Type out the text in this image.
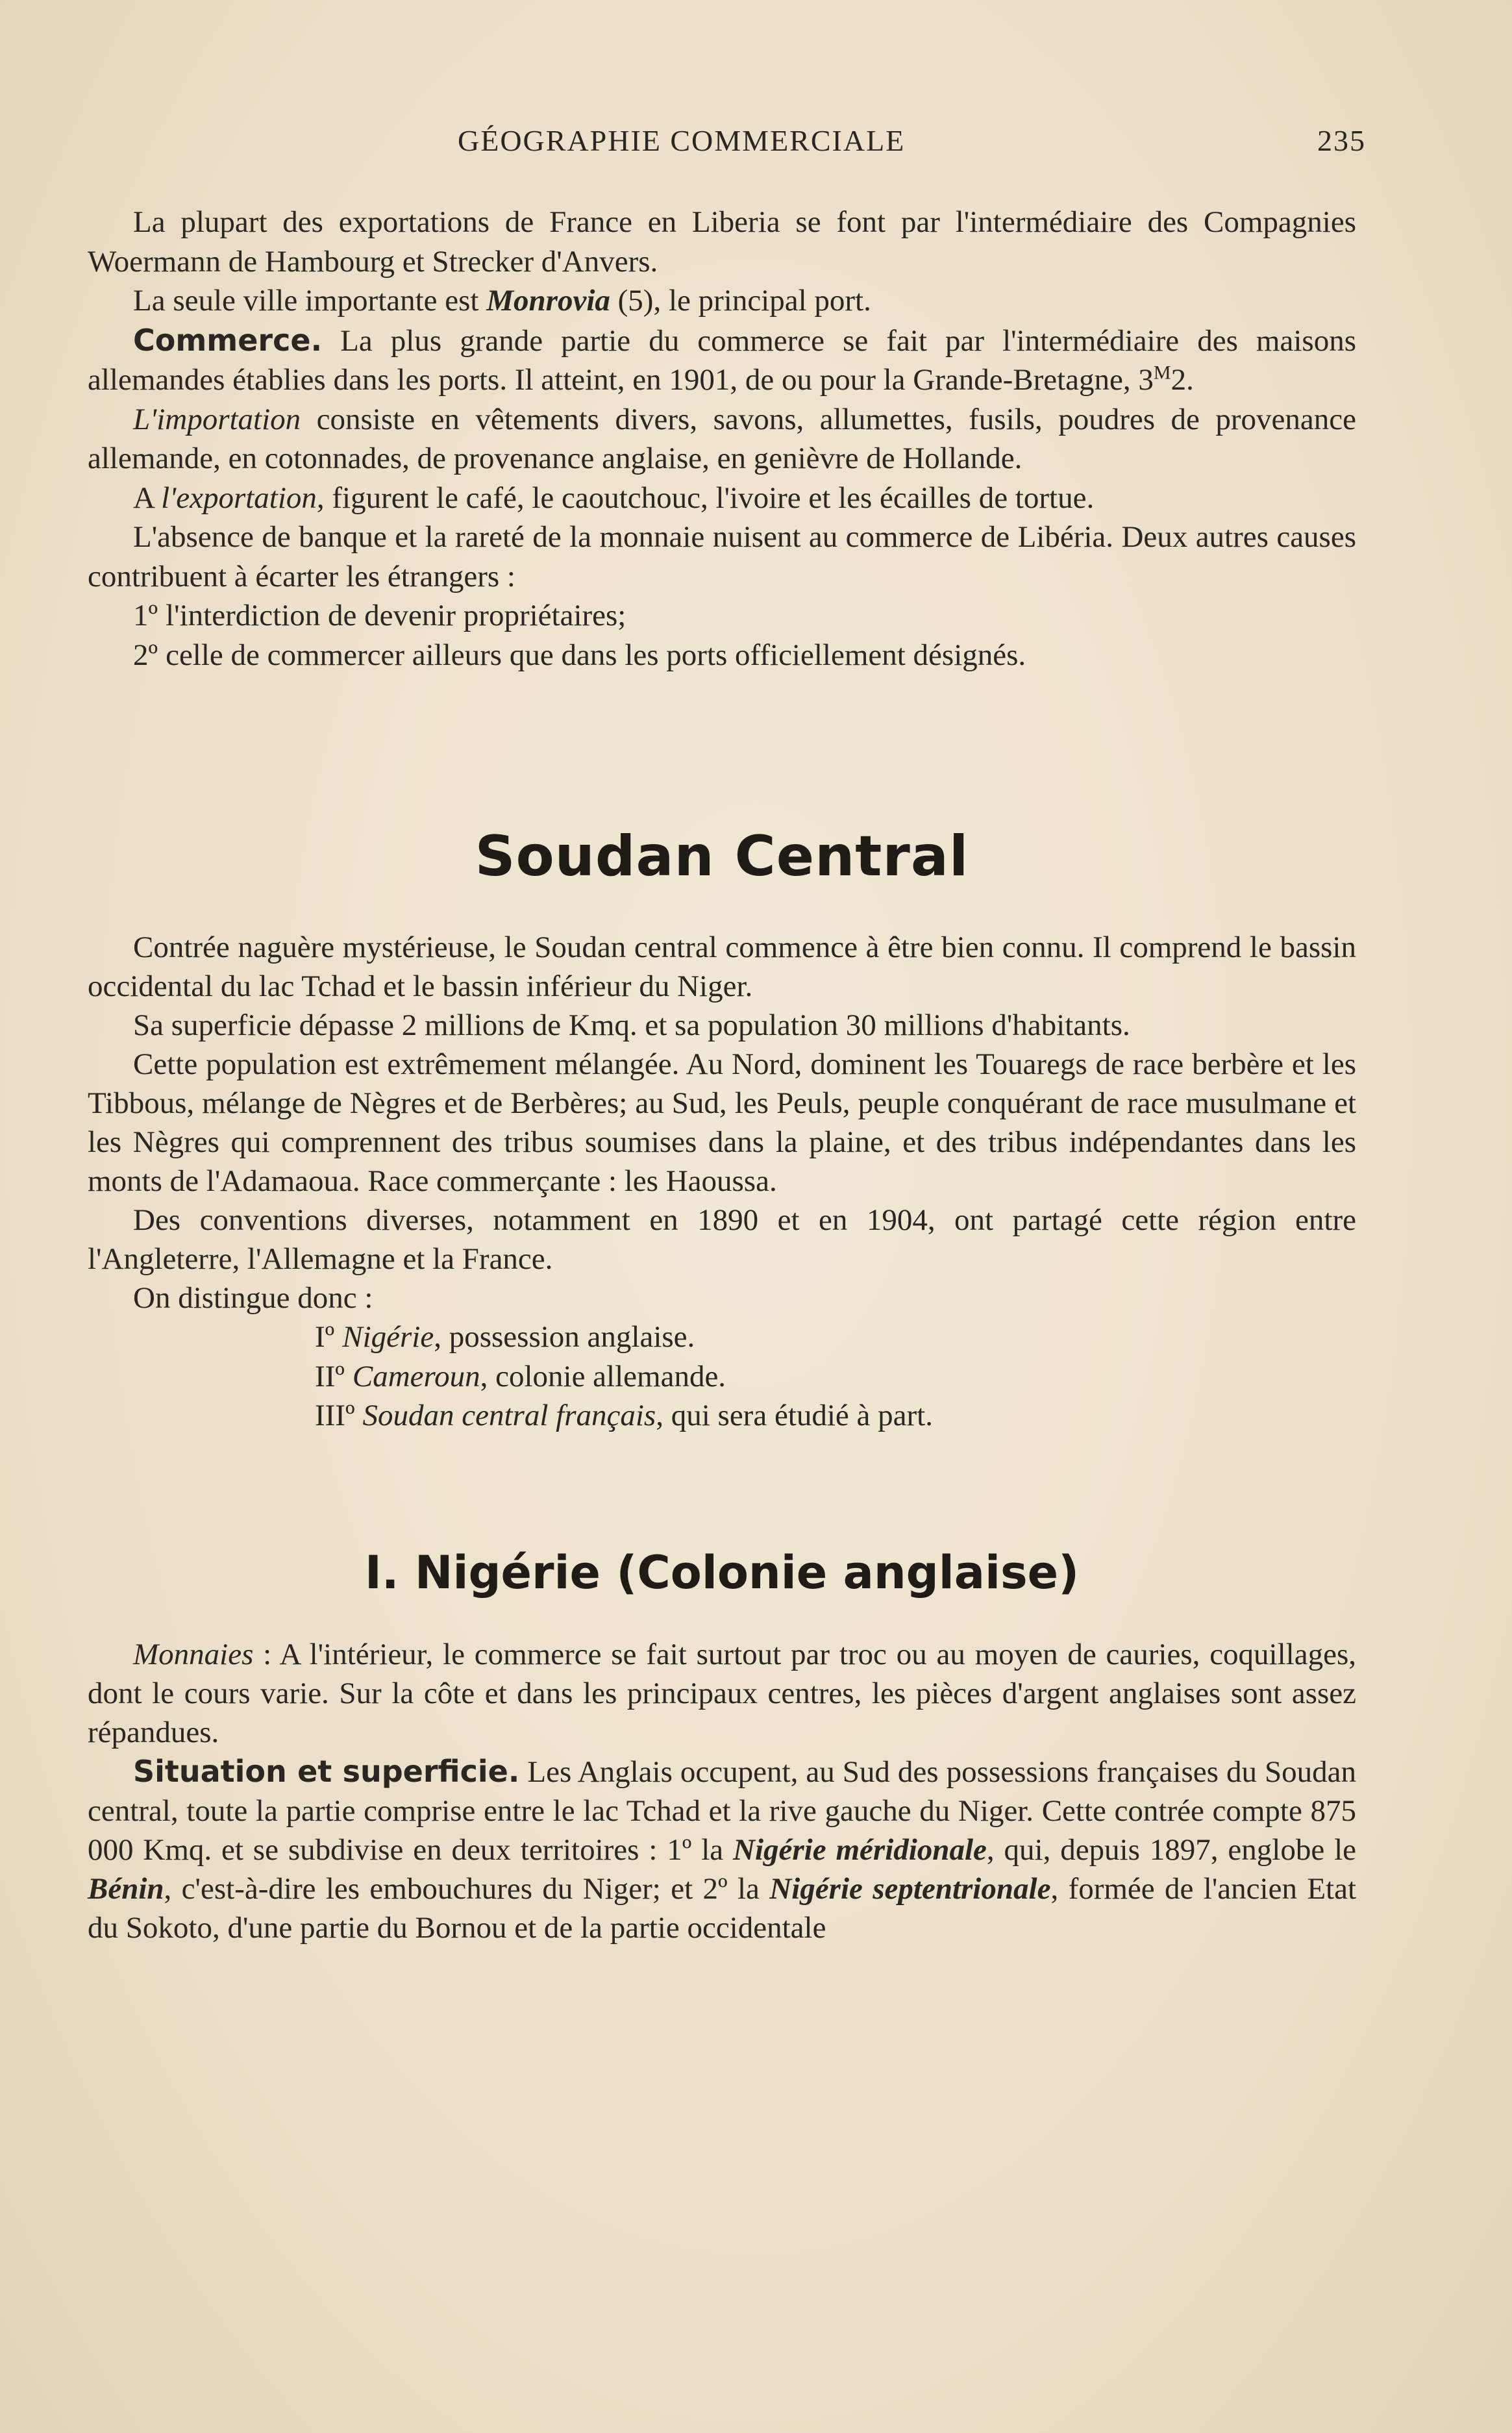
GÉOGRAPHIE COMMERCIALE	235

La plupart des exportations de France en Liberia se font par l'intermédiaire des Compagnies Woermann de Hambourg et Strecker d'Anvers.

La seule ville importante est Monrovia (5), le principal port.

Commerce. La plus grande partie du commerce se fait par l'intermédiaire des maisons allemandes établies dans les ports. Il atteint, en 1901, de ou pour la Grande-Bretagne, $3^M2$.

L'importation consiste en vêtements divers, savons, allumettes, fusils, poudres de provenance allemande, en cotonnades, de provenance anglaise, en genièvre de Hollande.

A l'exportation, figurent le café, le caoutchouc, l'ivoire et les écailles de tortue.

L'absence de banque et la rareté de la monnaie nuisent au commerce de Libéria. Deux autres causes contribuent à écarter les étrangers :

1º l'interdiction de devenir propriétaires;
2º celle de commercer ailleurs que dans les ports officiellement désignés.
Soudan Central

Contrée naguère mystérieuse, le Soudan central commence à être bien connu. Il comprend le bassin occidental du lac Tchad et le bassin inférieur du Niger.

Sa superficie dépasse 2 millions de Kmq. et sa population 30 millions d'habitants.

Cette population est extrêmement mélangée. Au Nord, dominent les Touaregs de race berbère et les Tibbous, mélange de Nègres et de Berbères; au Sud, les Peuls, peuple conquérant de race musulmane et les Nègres qui comprennent des tribus soumises dans la plaine, et des tribus indépendantes dans les monts de l'Adamaoua. Race commerçante : les Haoussa.

Des conventions diverses, notamment en 1890 et en 1904, ont partagé cette région entre l'Angleterre, l'Allemagne et la France.

On distingue donc :

Iº Nigérie, possession anglaise.
IIº Cameroun, colonie allemande.
IIIº Soudan central français, qui sera étudié à part.
I. Nigérie (Colonie anglaise)

Monnaies : A l'intérieur, le commerce se fait surtout par troc ou au moyen de cauries, coquillages, dont le cours varie. Sur la côte et dans les principaux centres, les pièces d'argent anglaises sont assez répandues.

Situation et superficie. Les Anglais occupent, au Sud des possessions françaises du Soudan central, toute la partie comprise entre le lac Tchad et la rive gauche du Niger. Cette contrée compte 875 000 Kmq. et se subdivise en deux territoires : 1º la Nigérie méridionale, qui, depuis 1897, englobe le Bénin, c'est-à-dire les embouchures du Niger; et 2º la Nigérie septentrionale, formée de l'ancien Etat du Sokoto, d'une partie du Bornou et de la partie occidentale
